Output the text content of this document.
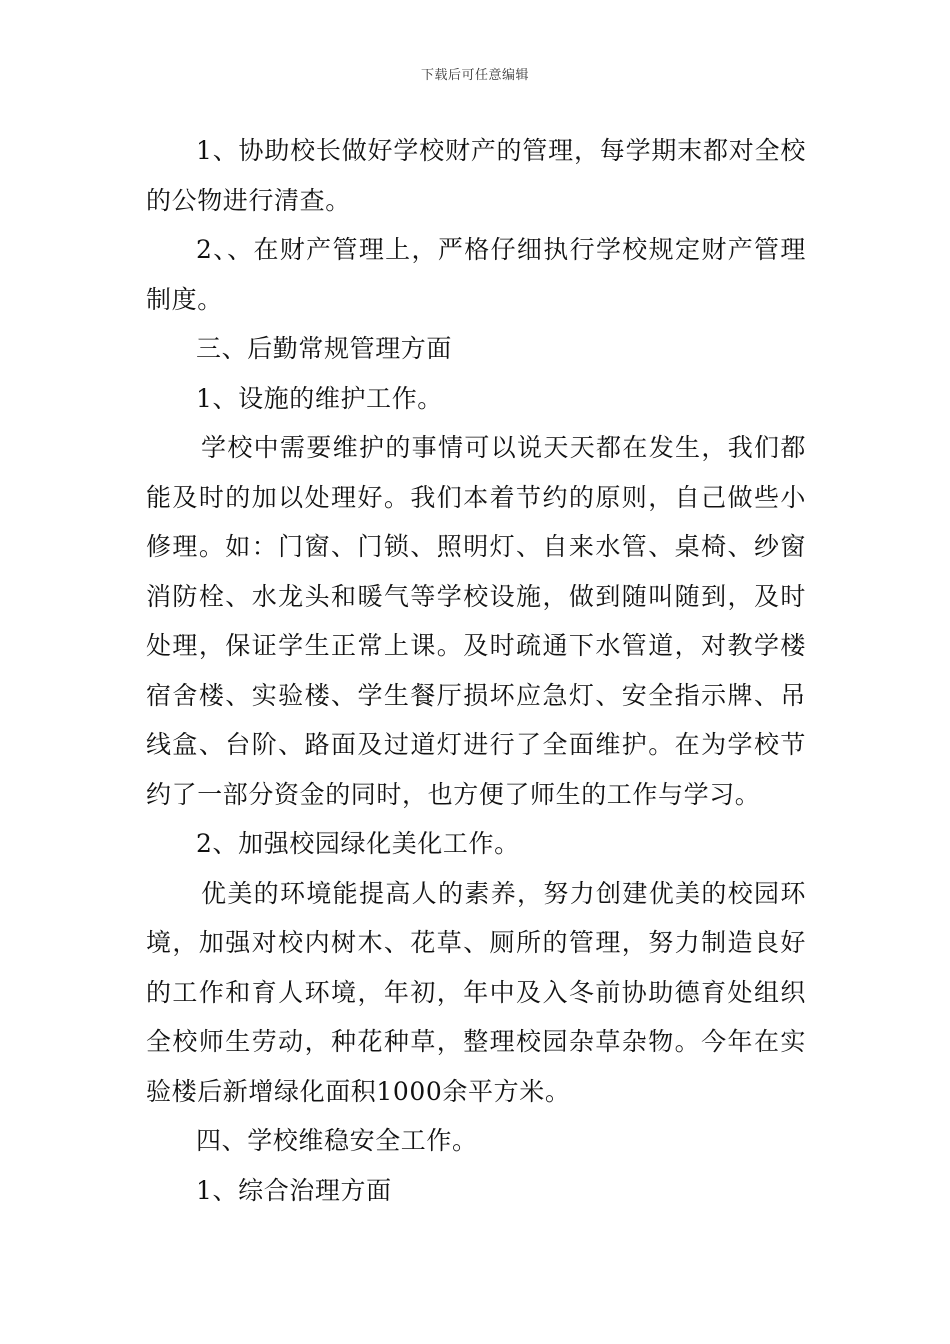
下载后可任意编辑

1、协助校长做好学校财产的管理，每学期末都对全校的公物进行清查。

2、、在财产管理上，严格仔细执行学校规定财产管理制度。

三、后勤常规管理方面

1、设施的维护工作。

学校中需要维护的事情可以说天天都在发生，我们都能及时的加以处理好。我们本着节约的原则，自己做些小修理。如：门窗、门锁、照明灯、自来水管、桌椅、纱窗消防栓、水龙头和暖气等学校设施，做到随叫随到，及时处理，保证学生正常上课。及时疏通下水管道，对教学楼宿舍楼、实验楼、学生餐厅损坏应急灯、安全指示牌、吊线盒、台阶、路面及过道灯进行了全面维护。在为学校节约了一部分资金的同时，也方便了师生的工作与学习。

2、加强校园绿化美化工作。

优美的环境能提高人的素养，努力创建优美的校园环境，加强对校内树木、花草、厕所的管理，努力制造良好的工作和育人环境，年初，年中及入冬前协助德育处组织全校师生劳动，种花种草，整理校园杂草杂物。今年在实验楼后新增绿化面积1000余平方米。

四、学校维稳安全工作。

1、综合治理方面
